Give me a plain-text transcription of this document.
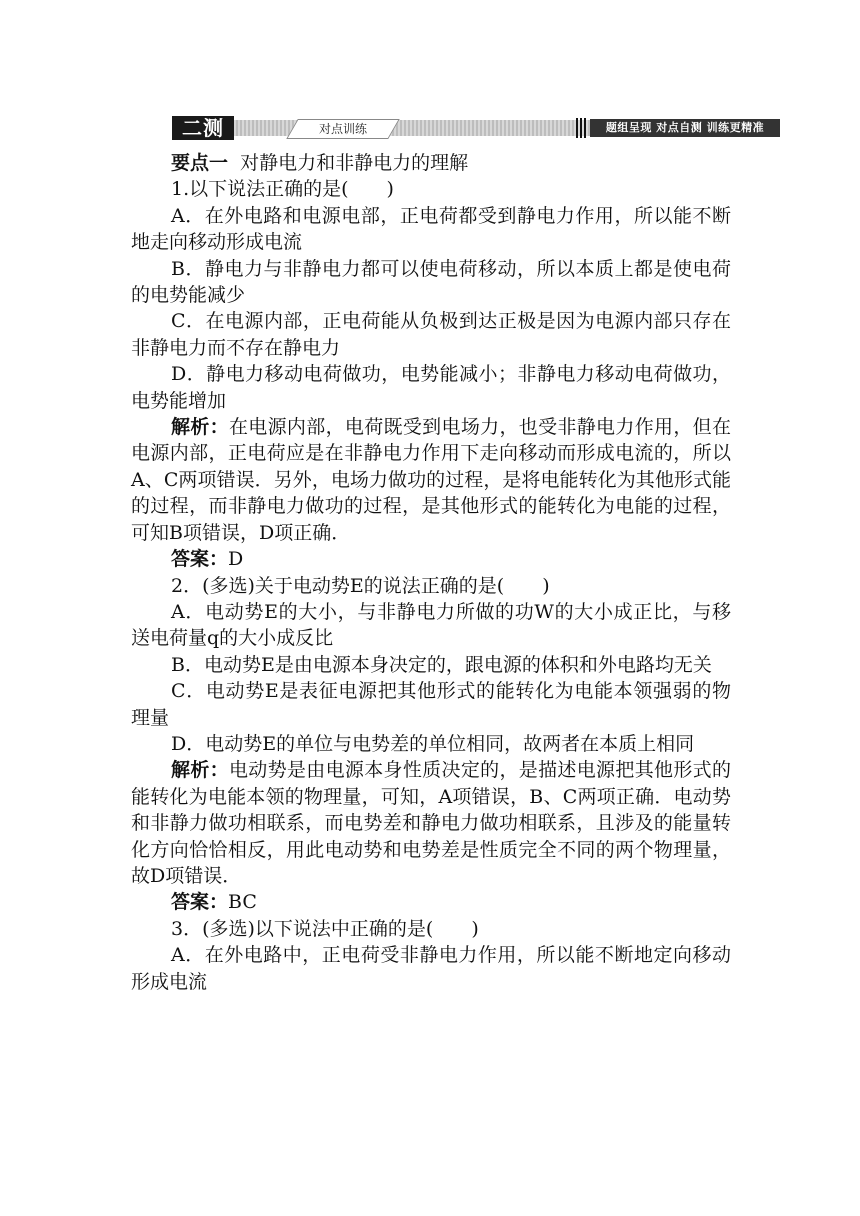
二测	对点训练	题组呈现 对点自测 训练更精准

要点一 对静电力和非静电力的理解

1.以下说法正确的是(　　)

A．在外电路和电源电部，正电荷都受到静电力作用，所以能不断地走向移动形成电流

B．静电力与非静电力都可以使电荷移动，所以本质上都是使电荷的电势能减少

C．在电源内部，正电荷能从负极到达正极是因为电源内部只存在非静电力而不存在静电力

D．静电力移动电荷做功，电势能减小；非静电力移动电荷做功，电势能增加

解析：在电源内部，电荷既受到电场力，也受非静电力作用，但在电源内部，正电荷应是在非静电力作用下走向移动而形成电流的，所以A、C两项错误．另外，电场力做功的过程，是将电能转化为其他形式能的过程，而非静电力做功的过程，是其他形式的能转化为电能的过程，可知B项错误，D项正确．

答案：D

2．(多选)关于电动势E的说法正确的是(　　)

A．电动势E的大小，与非静电力所做的功W的大小成正比，与移送电荷量q的大小成反比

B．电动势E是由电源本身决定的，跟电源的体积和外电路均无关

C．电动势E是表征电源把其他形式的能转化为电能本领强弱的物理量

D．电动势E的单位与电势差的单位相同，故两者在本质上相同

解析：电动势是由电源本身性质决定的，是描述电源把其他形式的能转化为电能本领的物理量，可知，A项错误，B、C两项正确．电动势和非静力做功相联系，而电势差和静电力做功相联系，且涉及的能量转化方向恰恰相反，用此电动势和电势差是性质完全不同的两个物理量，故D项错误．

答案：BC

3．(多选)以下说法中正确的是(　　)

A．在外电路中，正电荷受非静电力作用，所以能不断地定向移动形成电流
